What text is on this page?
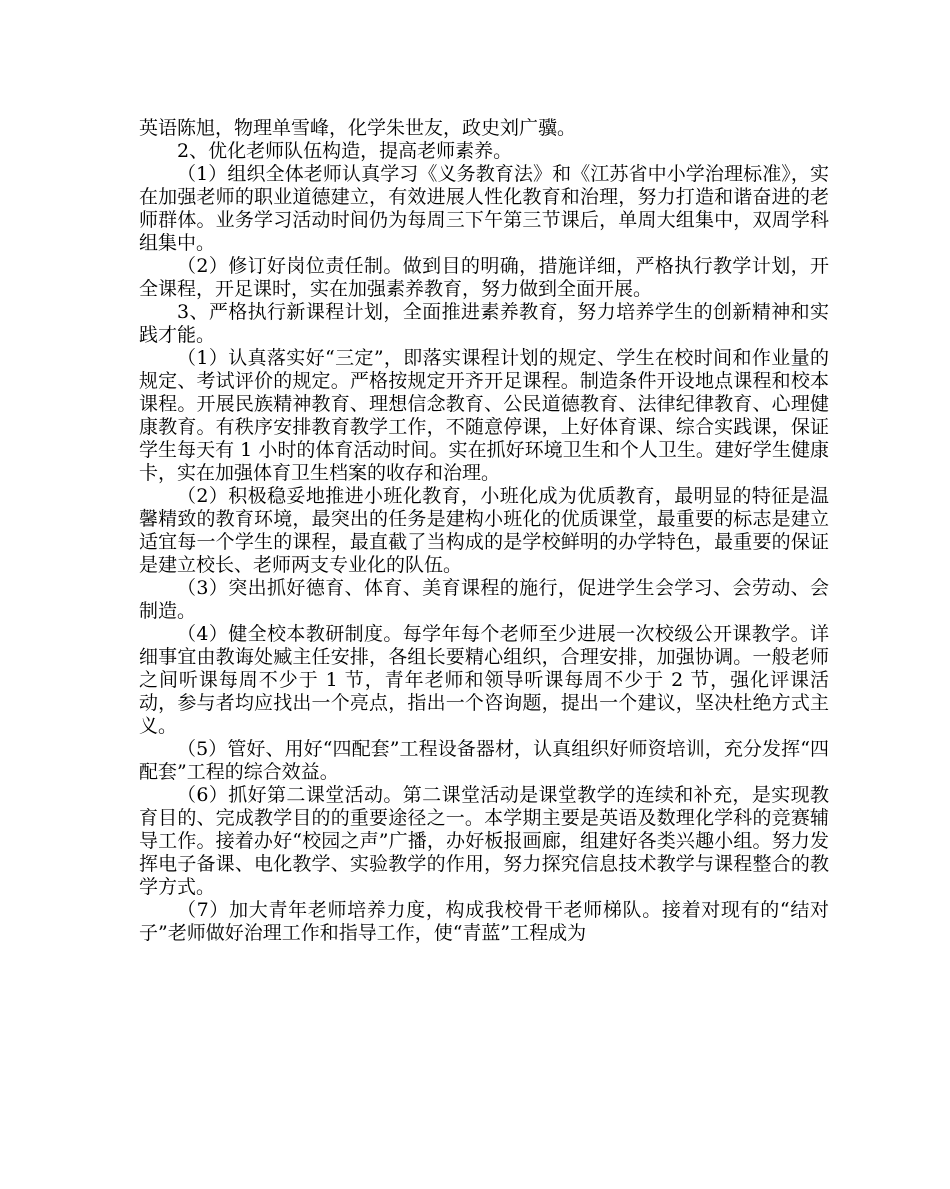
英语陈旭，物理单雪峰，化学朱世友，政史刘广骥。

2、优化老师队伍构造，提高老师素养。

（1）组织全体老师认真学习《义务教育法》和《江苏省中小学治理标准》，实在加强老师的职业道德建立，有效进展人性化教育和治理，努力打造和谐奋进的老师群体。业务学习活动时间仍为每周三下午第三节课后，单周大组集中，双周学科组集中。

（2）修订好岗位责任制。做到目的明确，措施详细，严格执行教学计划，开全课程，开足课时，实在加强素养教育，努力做到全面开展。

3、严格执行新课程计划，全面推进素养教育，努力培养学生的创新精神和实践才能。

（1）认真落实好“三定”，即落实课程计划的规定、学生在校时间和作业量的规定、考试评价的规定。严格按规定开齐开足课程。制造条件开设地点课程和校本课程。开展民族精神教育、理想信念教育、公民道德教育、法律纪律教育、心理健康教育。有秩序安排教育教学工作，不随意停课，上好体育课、综合实践课，保证学生每天有 1 小时的体育活动时间。实在抓好环境卫生和个人卫生。建好学生健康卡，实在加强体育卫生档案的收存和治理。

（2）积极稳妥地推进小班化教育，小班化成为优质教育，最明显的特征是温馨精致的教育环境，最突出的任务是建构小班化的优质课堂，最重要的标志是建立适宜每一个学生的课程，最直截了当构成的是学校鲜明的办学特色，最重要的保证是建立校长、老师两支专业化的队伍。

（3）突出抓好德育、体育、美育课程的施行，促进学生会学习、会劳动、会制造。

（4）健全校本教研制度。每学年每个老师至少进展一次校级公开课教学。详细事宜由教诲处臧主任安排，各组长要精心组织，合理安排，加强协调。一般老师之间听课每周不少于 1 节，青年老师和领导听课每周不少于 2 节，强化评课活动，参与者均应找出一个亮点，指出一个咨询题，提出一个建议，坚决杜绝方式主义。

（5）管好、用好“四配套”工程设备器材，认真组织好师资培训，充分发挥“四配套”工程的综合效益。

（6）抓好第二课堂活动。第二课堂活动是课堂教学的连续和补充，是实现教育目的、完成教学目的的重要途径之一。本学期主要是英语及数理化学科的竞赛辅导工作。接着办好“校园之声”广播，办好板报画廊，组建好各类兴趣小组。努力发挥电子备课、电化教学、实验教学的作用，努力探究信息技术教学与课程整合的教学方式。

（7）加大青年老师培养力度，构成我校骨干老师梯队。接着对现有的“结对子”老师做好治理工作和指导工作，使“青蓝”工程成为
